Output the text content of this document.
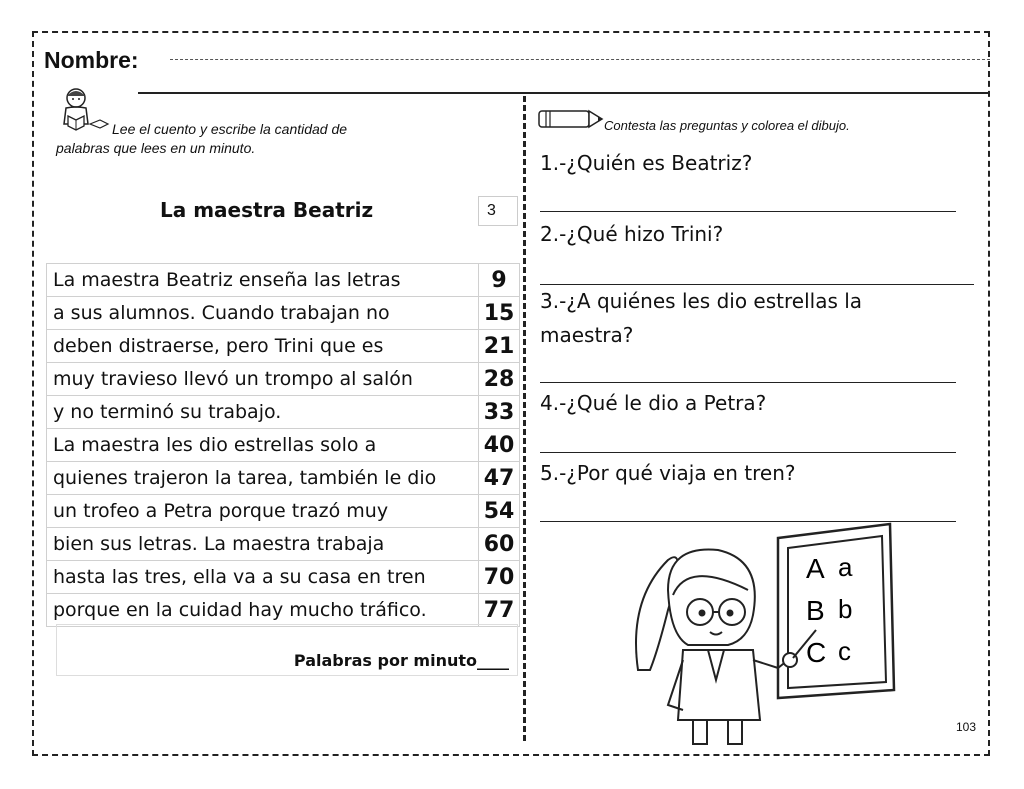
Nombre:
Lee el cuento y escribe la cantidad de
palabras que lees en un minuto.
La maestra Beatriz	3
La maestra Beatriz enseña las letras	9
a sus alumnos. Cuando trabajan no	15
deben distraerse, pero Trini que es	21
muy travieso llevó un trompo al salón	28
y no terminó su trabajo.	33
La maestra les dio estrellas solo a	40
quienes trajeron la tarea, también le dio	47
un trofeo a Petra porque trazó muy	54
bien sus letras. La maestra trabaja	60
hasta las tres, ella va a su casa en tren	70
porque en la cuidad hay mucho tráfico.	77
Palabras por minuto____
Contesta las preguntas y colorea el dibujo.
1.-¿Quién es Beatriz?
2.-¿Qué hizo Trini?
3.-¿A quiénes les dio estrellas la
maestra?
4.-¿Qué le dio a Petra?
5.-¿Por qué viaja en tren?
A a
B b
C c
103
